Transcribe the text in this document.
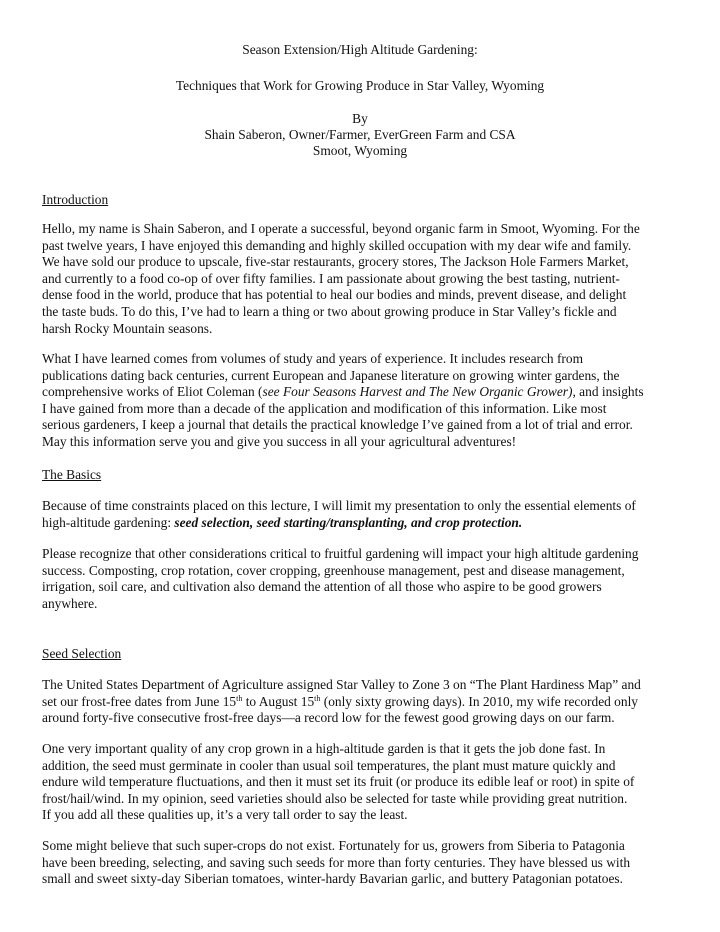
Season Extension/High Altitude Gardening:
Techniques that Work for Growing Produce in Star Valley, Wyoming
By
Shain Saberon, Owner/Farmer, EverGreen Farm and CSA
Smoot, Wyoming
Introduction
Hello, my name is Shain Saberon, and I operate a successful, beyond organic farm in Smoot, Wyoming. For the
past twelve years, I have enjoyed this demanding and highly skilled occupation with my dear wife and family.
We have sold our produce to upscale, five-star restaurants, grocery stores, The Jackson Hole Farmers Market,
and currently to a food co-op of over fifty families. I am passionate about growing the best tasting, nutrient-
dense food in the world, produce that has potential to heal our bodies and minds, prevent disease, and delight
the taste buds. To do this, I’ve had to learn a thing or two about growing produce in Star Valley’s fickle and
harsh Rocky Mountain seasons.
What I have learned comes from volumes of study and years of experience. It includes research from
publications dating back centuries, current European and Japanese literature on growing winter gardens, the
comprehensive works of Eliot Coleman (see Four Seasons Harvest and The New Organic Grower), and insights
I have gained from more than a decade of the application and modification of this information. Like most
serious gardeners, I keep a journal that details the practical knowledge I’ve gained from a lot of trial and error.
May this information serve you and give you success in all your agricultural adventures!
The Basics
Because of time constraints placed on this lecture, I will limit my presentation to only the essential elements of
high-altitude gardening: seed selection, seed starting/transplanting, and crop protection.
Please recognize that other considerations critical to fruitful gardening will impact your high altitude gardening
success. Composting, crop rotation, cover cropping, greenhouse management, pest and disease management,
irrigation, soil care, and cultivation also demand the attention of all those who aspire to be good growers
anywhere.
Seed Selection
The United States Department of Agriculture assigned Star Valley to Zone 3 on “The Plant Hardiness Map” and
set our frost-free dates from June 15th to August 15th (only sixty growing days). In 2010, my wife recorded only
around forty-five consecutive frost-free days—a record low for the fewest good growing days on our farm.
One very important quality of any crop grown in a high-altitude garden is that it gets the job done fast. In
addition, the seed must germinate in cooler than usual soil temperatures, the plant must mature quickly and
endure wild temperature fluctuations, and then it must set its fruit (or produce its edible leaf or root) in spite of
frost/hail/wind. In my opinion, seed varieties should also be selected for taste while providing great nutrition.
If you add all these qualities up, it’s a very tall order to say the least.
Some might believe that such super-crops do not exist. Fortunately for us, growers from Siberia to Patagonia
have been breeding, selecting, and saving such seeds for more than forty centuries. They have blessed us with
small and sweet sixty-day Siberian tomatoes, winter-hardy Bavarian garlic, and buttery Patagonian potatoes.
